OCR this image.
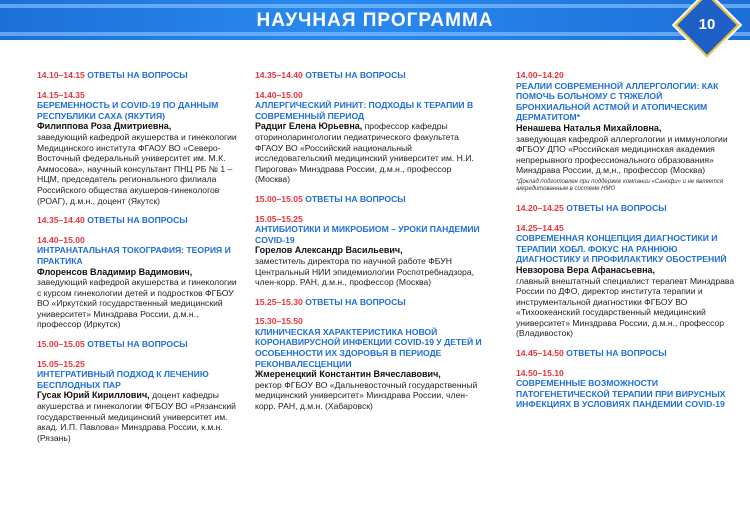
НАУЧНАЯ ПРОГРАММА	10
14.10–14.15 ОТВЕТЫ НА ВОПРОСЫ
14.15–14.35
БЕРЕМЕННОСТЬ И COVID-19 ПО ДАННЫМ РЕСПУБЛИКИ САХА (ЯКУТИЯ)
Филиппова Роза Дмитриевна,
заведующий кафедрой акушерства и гинекологии Медицинского института ФГАОУ ВО «Северо-Восточный федеральный университет им. М.К. Аммосова», научный консультант ПНЦ РБ № 1 – НЦМ, председатель регионального филиала Российского общества акушеров-гинекологов (РОАГ), д.м.н., доцент (Якутск)
14.35–14.40 ОТВЕТЫ НА ВОПРОСЫ
14.40–15.00
ИНТРАНАТАЛЬНАЯ ТОКОГРАФИЯ: ТЕОРИЯ И ПРАКТИКА
Флоренсов Владимир Вадимович,
заведующий кафедрой акушерства и гинекологии с курсом гинекологии детей и подростков ФГБОУ ВО «Иркутский государственный медицинский университет» Минздрава России, д.м.н., профессор (Иркутск)
15.00–15.05 ОТВЕТЫ НА ВОПРОСЫ
15.05–15.25
ИНТЕГРАТИВНЫЙ ПОДХОД К ЛЕЧЕНИЮ БЕСПЛОДНЫХ ПАР
Гусак Юрий Кириллович, доцент кафедры акушерства и гинекологии ФГБОУ ВО «Рязанский государственный медицинский университет им. акад. И.П. Павлова» Минздрава России, к.м.н. (Рязань)
14.35–14.40 ОТВЕТЫ НА ВОПРОСЫ
14.40–15.00
АЛЛЕРГИЧЕСКИЙ РИНИТ: ПОДХОДЫ К ТЕРАПИИ В СОВРЕМЕННЫЙ ПЕРИОД
Радциг Елена Юрьевна, профессор кафедры оториноларингологии педиатрического факультета ФГАОУ ВО «Российский национальный исследовательский медицинский университет им. Н.И. Пирогова» Минздрава России, д.м.н., профессор (Москва)
15.00–15.05 ОТВЕТЫ НА ВОПРОСЫ
15.05–15.25
АНТИБИОТИКИ И МИКРОБИОМ – УРОКИ ПАНДЕМИИ COVID-19
Горелов Александр Васильевич,
заместитель директора по научной работе ФБУН Центральный НИИ эпидемиологии Роспотребнадзора, член-корр. РАН, д.м.н., профессор (Москва)
15.25–15.30 ОТВЕТЫ НА ВОПРОСЫ
15.30–15.50
КЛИНИЧЕСКАЯ ХАРАКТЕРИСТИКА НОВОЙ КОРОНАВИРУСНОЙ ИНФЕКЦИИ COVID-19 У ДЕТЕЙ И ОСОБЕННОСТИ ИХ ЗДОРОВЬЯ В ПЕРИОДЕ РЕКОНВАЛЕСЦЕНЦИИ
Жмеренецкий Константин Вячеславович,
ректор ФГБОУ ВО «Дальневосточный государственный медицинский университет» Минздрава России, член-корр. РАН, д.м.н. (Хабаровск)
14.00–14.20
РЕАЛИИ СОВРЕМЕННОЙ АЛЛЕРГОЛОГИИ: КАК ПОМОЧЬ БОЛЬНОМУ С ТЯЖЕЛОЙ БРОНХИАЛЬНОЙ АСТМОЙ И АТОПИЧЕСКИМ ДЕРМАТИТОМ*
Ненашева Наталья Михайловна,
заведующая кафедрой аллергологии и иммунологии ФГБОУ ДПО «Российская медицинская академия непрерывного профессионального образования» Минздрава России, д.м.н., профессор (Москва)
*Доклад подготовлен при поддержке компании «Санофи» и не является аккредитованным в системе НМО
14.20–14.25 ОТВЕТЫ НА ВОПРОСЫ
14.25–14.45
СОВРЕМЕННАЯ КОНЦЕПЦИЯ ДИАГНОСТИКИ И ТЕРАПИИ ХОБЛ. ФОКУС НА РАННЮЮ ДИАГНОСТИКУ И ПРОФИЛАКТИКУ ОБОСТРЕНИЙ
Невзорова Вера Афанасьевна,
главный внештатный специалист терапевт Минздрава России по ДФО, директор института терапии и инструментальной диагностики ФГБОУ ВО «Тихоокеанский государственный медицинский университет» Минздрава России, д.м.н., профессор (Владивосток)
14.45–14.50 ОТВЕТЫ НА ВОПРОСЫ
14.50–15.10
СОВРЕМЕННЫЕ ВОЗМОЖНОСТИ ПАТОГЕНЕТИЧЕСКОЙ ТЕРАПИИ ПРИ ВИРУСНЫХ ИНФЕКЦИЯХ В УСЛОВИЯХ ПАНДЕМИИ COVID-19
